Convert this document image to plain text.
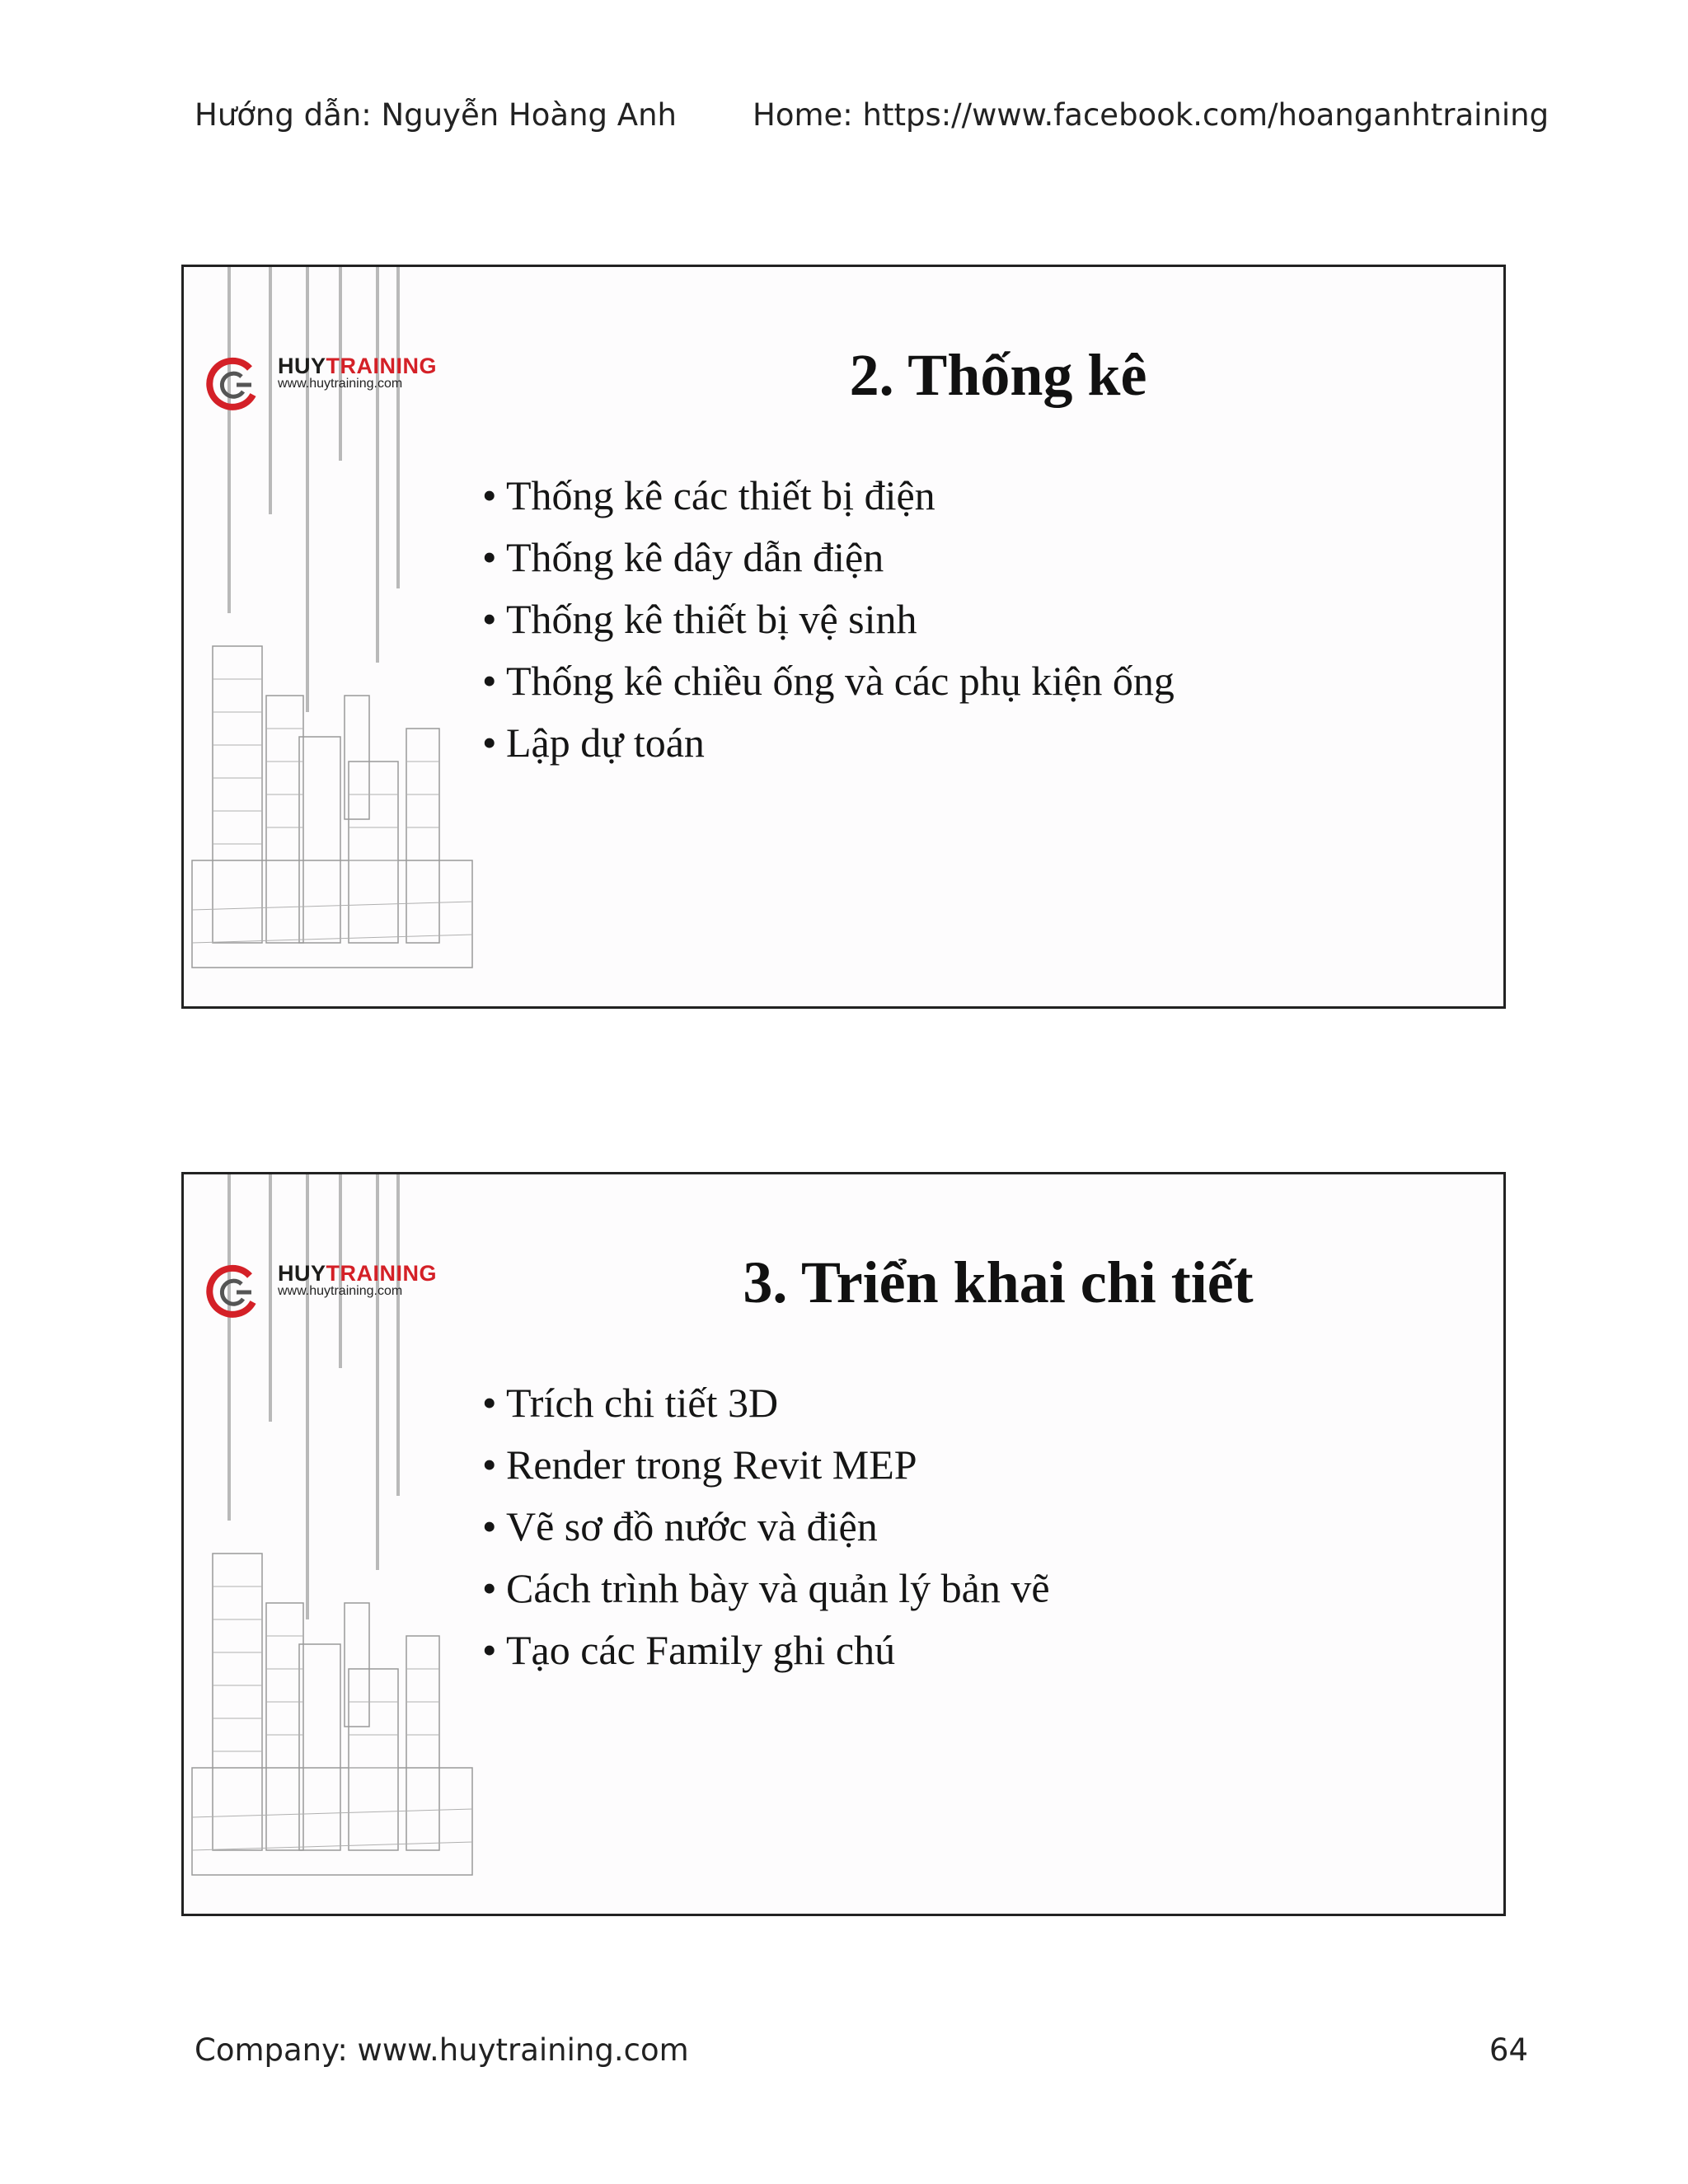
Hướng dẫn: Nguyễn Hoàng Anh Home: https://www.facebook.com/hoanganhtraining
HUYTRAINING
www.huytraining.com	2. Thống kê
• Thống kê các thiết bị điện
• Thống kê dây dẫn điện
• Thống kê thiết bị vệ sinh
• Thống kê chiều ống và các phụ kiện ống
• Lập dự toán
HUYTRAINING
www.huytraining.com	3. Triển khai chi tiết
• Trích chi tiết 3D
• Render trong Revit MEP
• Vẽ sơ đồ nước và điện
• Cách trình bày và quản lý bản vẽ
• Tạo các Family ghi chú
Company: www.huytraining.com	64
